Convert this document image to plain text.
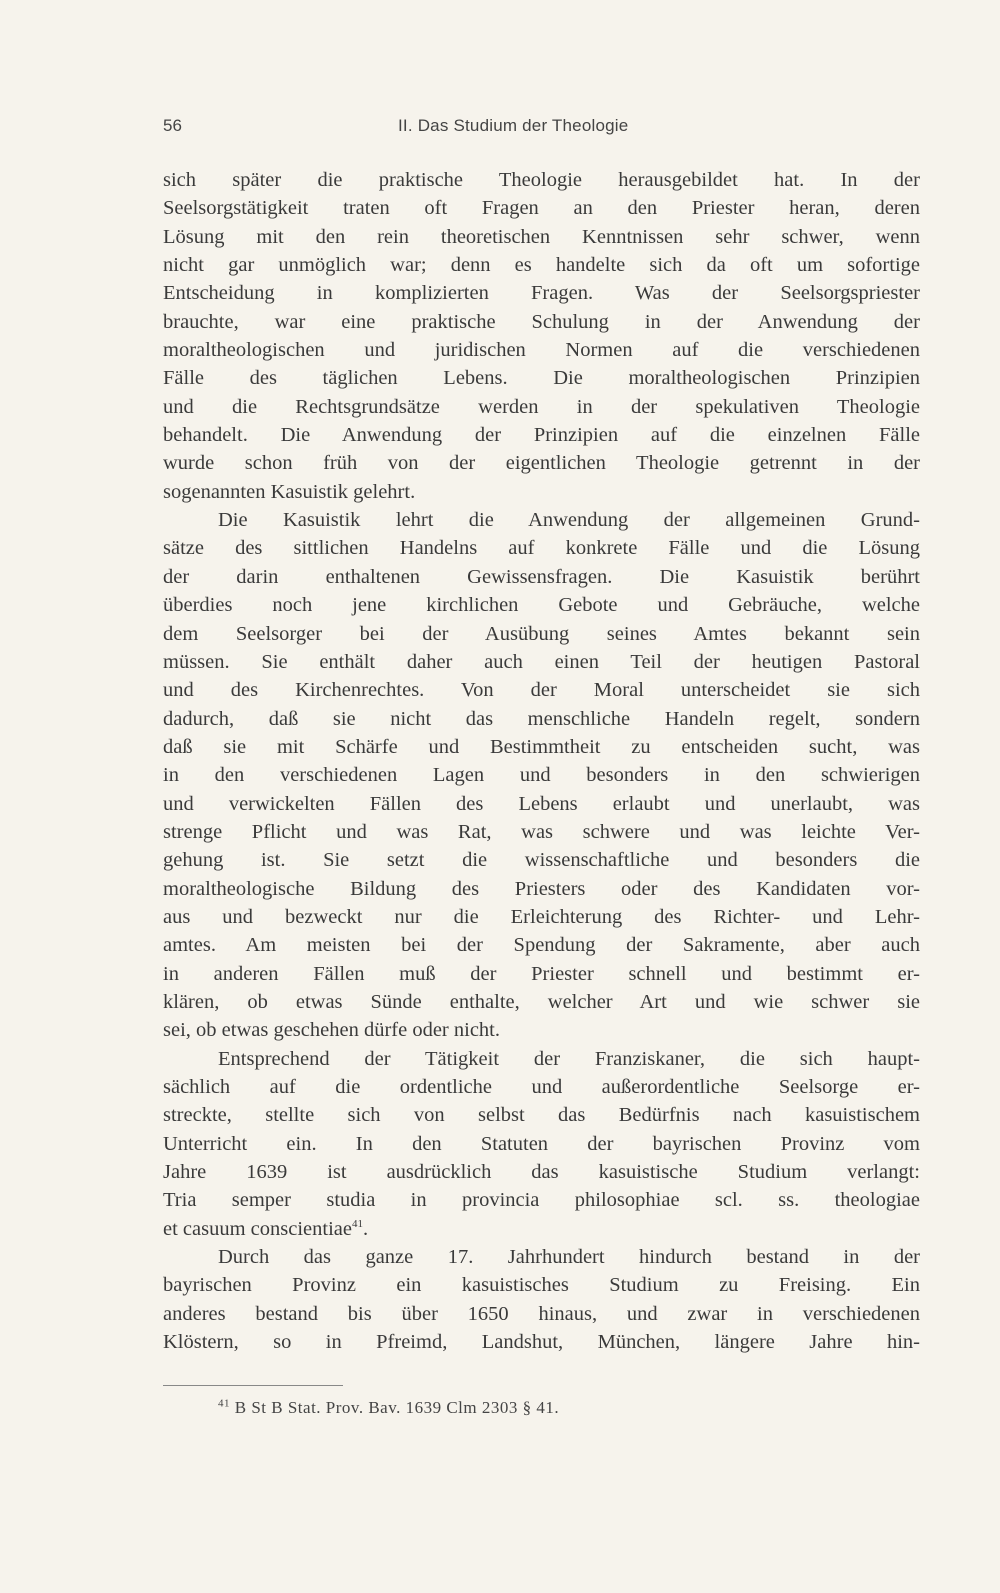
56	II. Das Studium der Theologie
sich später die praktische Theologie herausgebildet hat. In der
Seelsorgstätigkeit traten oft Fragen an den Priester heran, deren
Lösung mit den rein theoretischen Kenntnissen sehr schwer, wenn
nicht gar unmöglich war; denn es handelte sich da oft um sofortige
Entscheidung in komplizierten Fragen. Was der Seelsorgspriester
brauchte, war eine praktische Schulung in der Anwendung der
moraltheologischen und juridischen Normen auf die verschiedenen
Fälle des täglichen Lebens. Die moraltheologischen Prinzipien
und die Rechtsgrundsätze werden in der spekulativen Theologie
behandelt. Die Anwendung der Prinzipien auf die einzelnen Fälle
wurde schon früh von der eigentlichen Theologie getrennt in der
sogenannten Kasuistik gelehrt.
Die Kasuistik lehrt die Anwendung der allgemeinen Grund-
sätze des sittlichen Handelns auf konkrete Fälle und die Lösung
der darin enthaltenen Gewissensfragen. Die Kasuistik berührt
überdies noch jene kirchlichen Gebote und Gebräuche, welche
dem Seelsorger bei der Ausübung seines Amtes bekannt sein
müssen. Sie enthält daher auch einen Teil der heutigen Pastoral
und des Kirchenrechtes. Von der Moral unterscheidet sie sich
dadurch, daß sie nicht das menschliche Handeln regelt, sondern
daß sie mit Schärfe und Bestimmtheit zu entscheiden sucht, was
in den verschiedenen Lagen und besonders in den schwierigen
und verwickelten Fällen des Lebens erlaubt und unerlaubt, was
strenge Pflicht und was Rat, was schwere und was leichte Ver-
gehung ist. Sie setzt die wissenschaftliche und besonders die
moraltheologische Bildung des Priesters oder des Kandidaten vor-
aus und bezweckt nur die Erleichterung des Richter- und Lehr-
amtes. Am meisten bei der Spendung der Sakramente, aber auch
in anderen Fällen muß der Priester schnell und bestimmt er-
klären, ob etwas Sünde enthalte, welcher Art und wie schwer sie
sei, ob etwas geschehen dürfe oder nicht.
Entsprechend der Tätigkeit der Franziskaner, die sich haupt-
sächlich auf die ordentliche und außerordentliche Seelsorge er-
streckte, stellte sich von selbst das Bedürfnis nach kasuistischem
Unterricht ein. In den Statuten der bayrischen Provinz vom
Jahre 1639 ist ausdrücklich das kasuistische Studium verlangt:
Tria semper studia in provincia philosophiae scl. ss. theologiae
et casuum conscientiae$^{41}$.
Durch das ganze 17. Jahrhundert hindurch bestand in der
bayrischen Provinz ein kasuistisches Studium zu Freising. Ein
anderes bestand bis über 1650 hinaus, und zwar in verschiedenen
Klöstern, so in Pfreimd, Landshut, München, längere Jahre hin-
$^{41}$ B St B Stat. Prov. Bav. 1639 Clm 2303 § 41.
